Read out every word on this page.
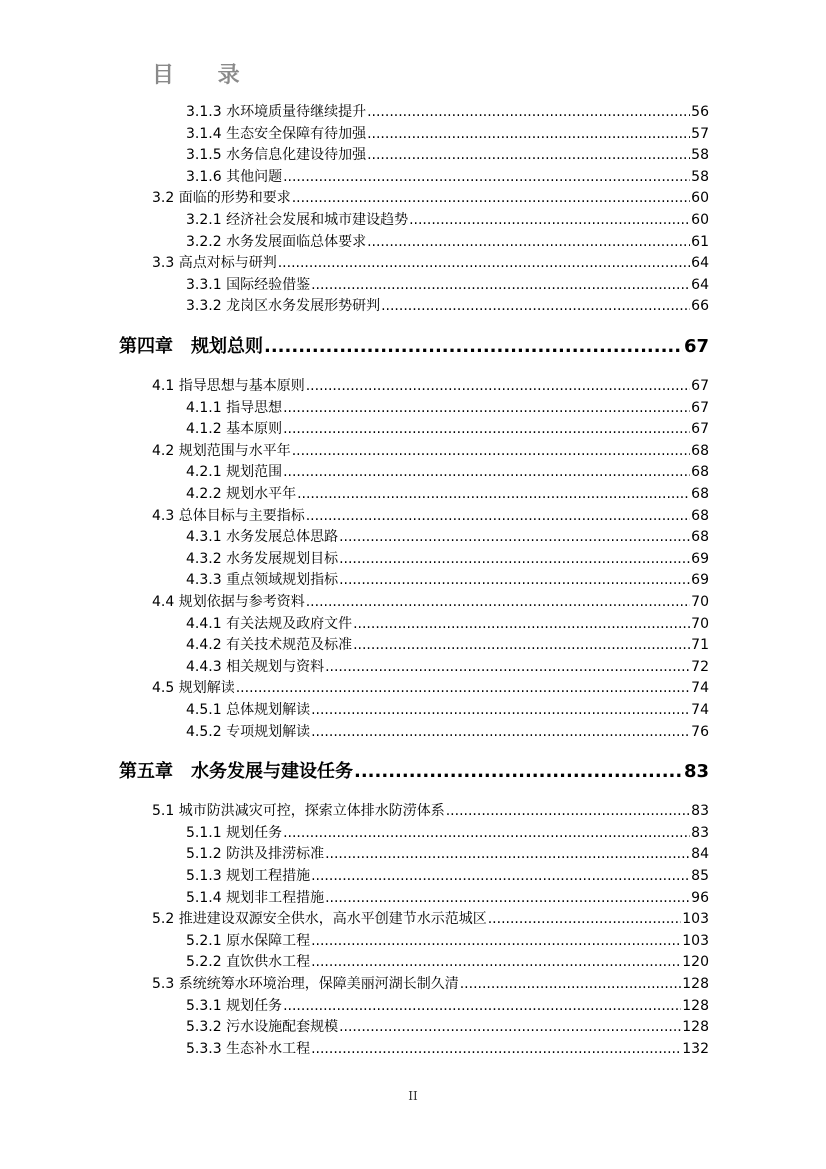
目 录
3.1.3 水环境质量待继续提升 .....	56
3.1.4 生态安全保障有待加强 .....	57
3.1.5 水务信息化建设待加强 .....	58
3.1.6 其他问题 .....	58
3.2 面临的形势和要求 .....	60
3.2.1 经济社会发展和城市建设趋势 .....	60
3.2.2 水务发展面临总体要求 .....	61
3.3 高点对标与研判 .....	64
3.3.1 国际经验借鉴 .....	64
3.3.2 龙岗区水务发展形势研判 .....	66
第四章　规划总则 .....	67
4.1 指导思想与基本原则 .....	67
4.1.1 指导思想 .....	67
4.1.2 基本原则 .....	67
4.2 规划范围与水平年 .....	68
4.2.1 规划范围 .....	68
4.2.2 规划水平年 .....	68
4.3 总体目标与主要指标 .....	68
4.3.1 水务发展总体思路 .....	68
4.3.2 水务发展规划目标 .....	69
4.3.3 重点领域规划指标 .....	69
4.4 规划依据与参考资料 .....	70
4.4.1 有关法规及政府文件 .....	70
4.4.2 有关技术规范及标准 .....	71
4.4.3 相关规划与资料 .....	72
4.5 规划解读 .....	74
4.5.1 总体规划解读 .....	74
4.5.2 专项规划解读 .....	76
第五章　水务发展与建设任务 .....	83
5.1 城市防洪减灾可控，探索立体排水防涝体系 .....	83
5.1.1 规划任务 .....	83
5.1.2 防洪及排涝标准 .....	84
5.1.3 规划工程措施 .....	85
5.1.4 规划非工程措施 .....	96
5.2 推进建设双源安全供水，高水平创建节水示范城区 .....	103
5.2.1 原水保障工程 .....	103
5.2.2 直饮供水工程 .....	120
5.3 系统统筹水环境治理，保障美丽河湖长制久清 .....	128
5.3.1 规划任务 .....	128
5.3.2 污水设施配套规模 .....	128
5.3.3 生态补水工程 .....	132
II
